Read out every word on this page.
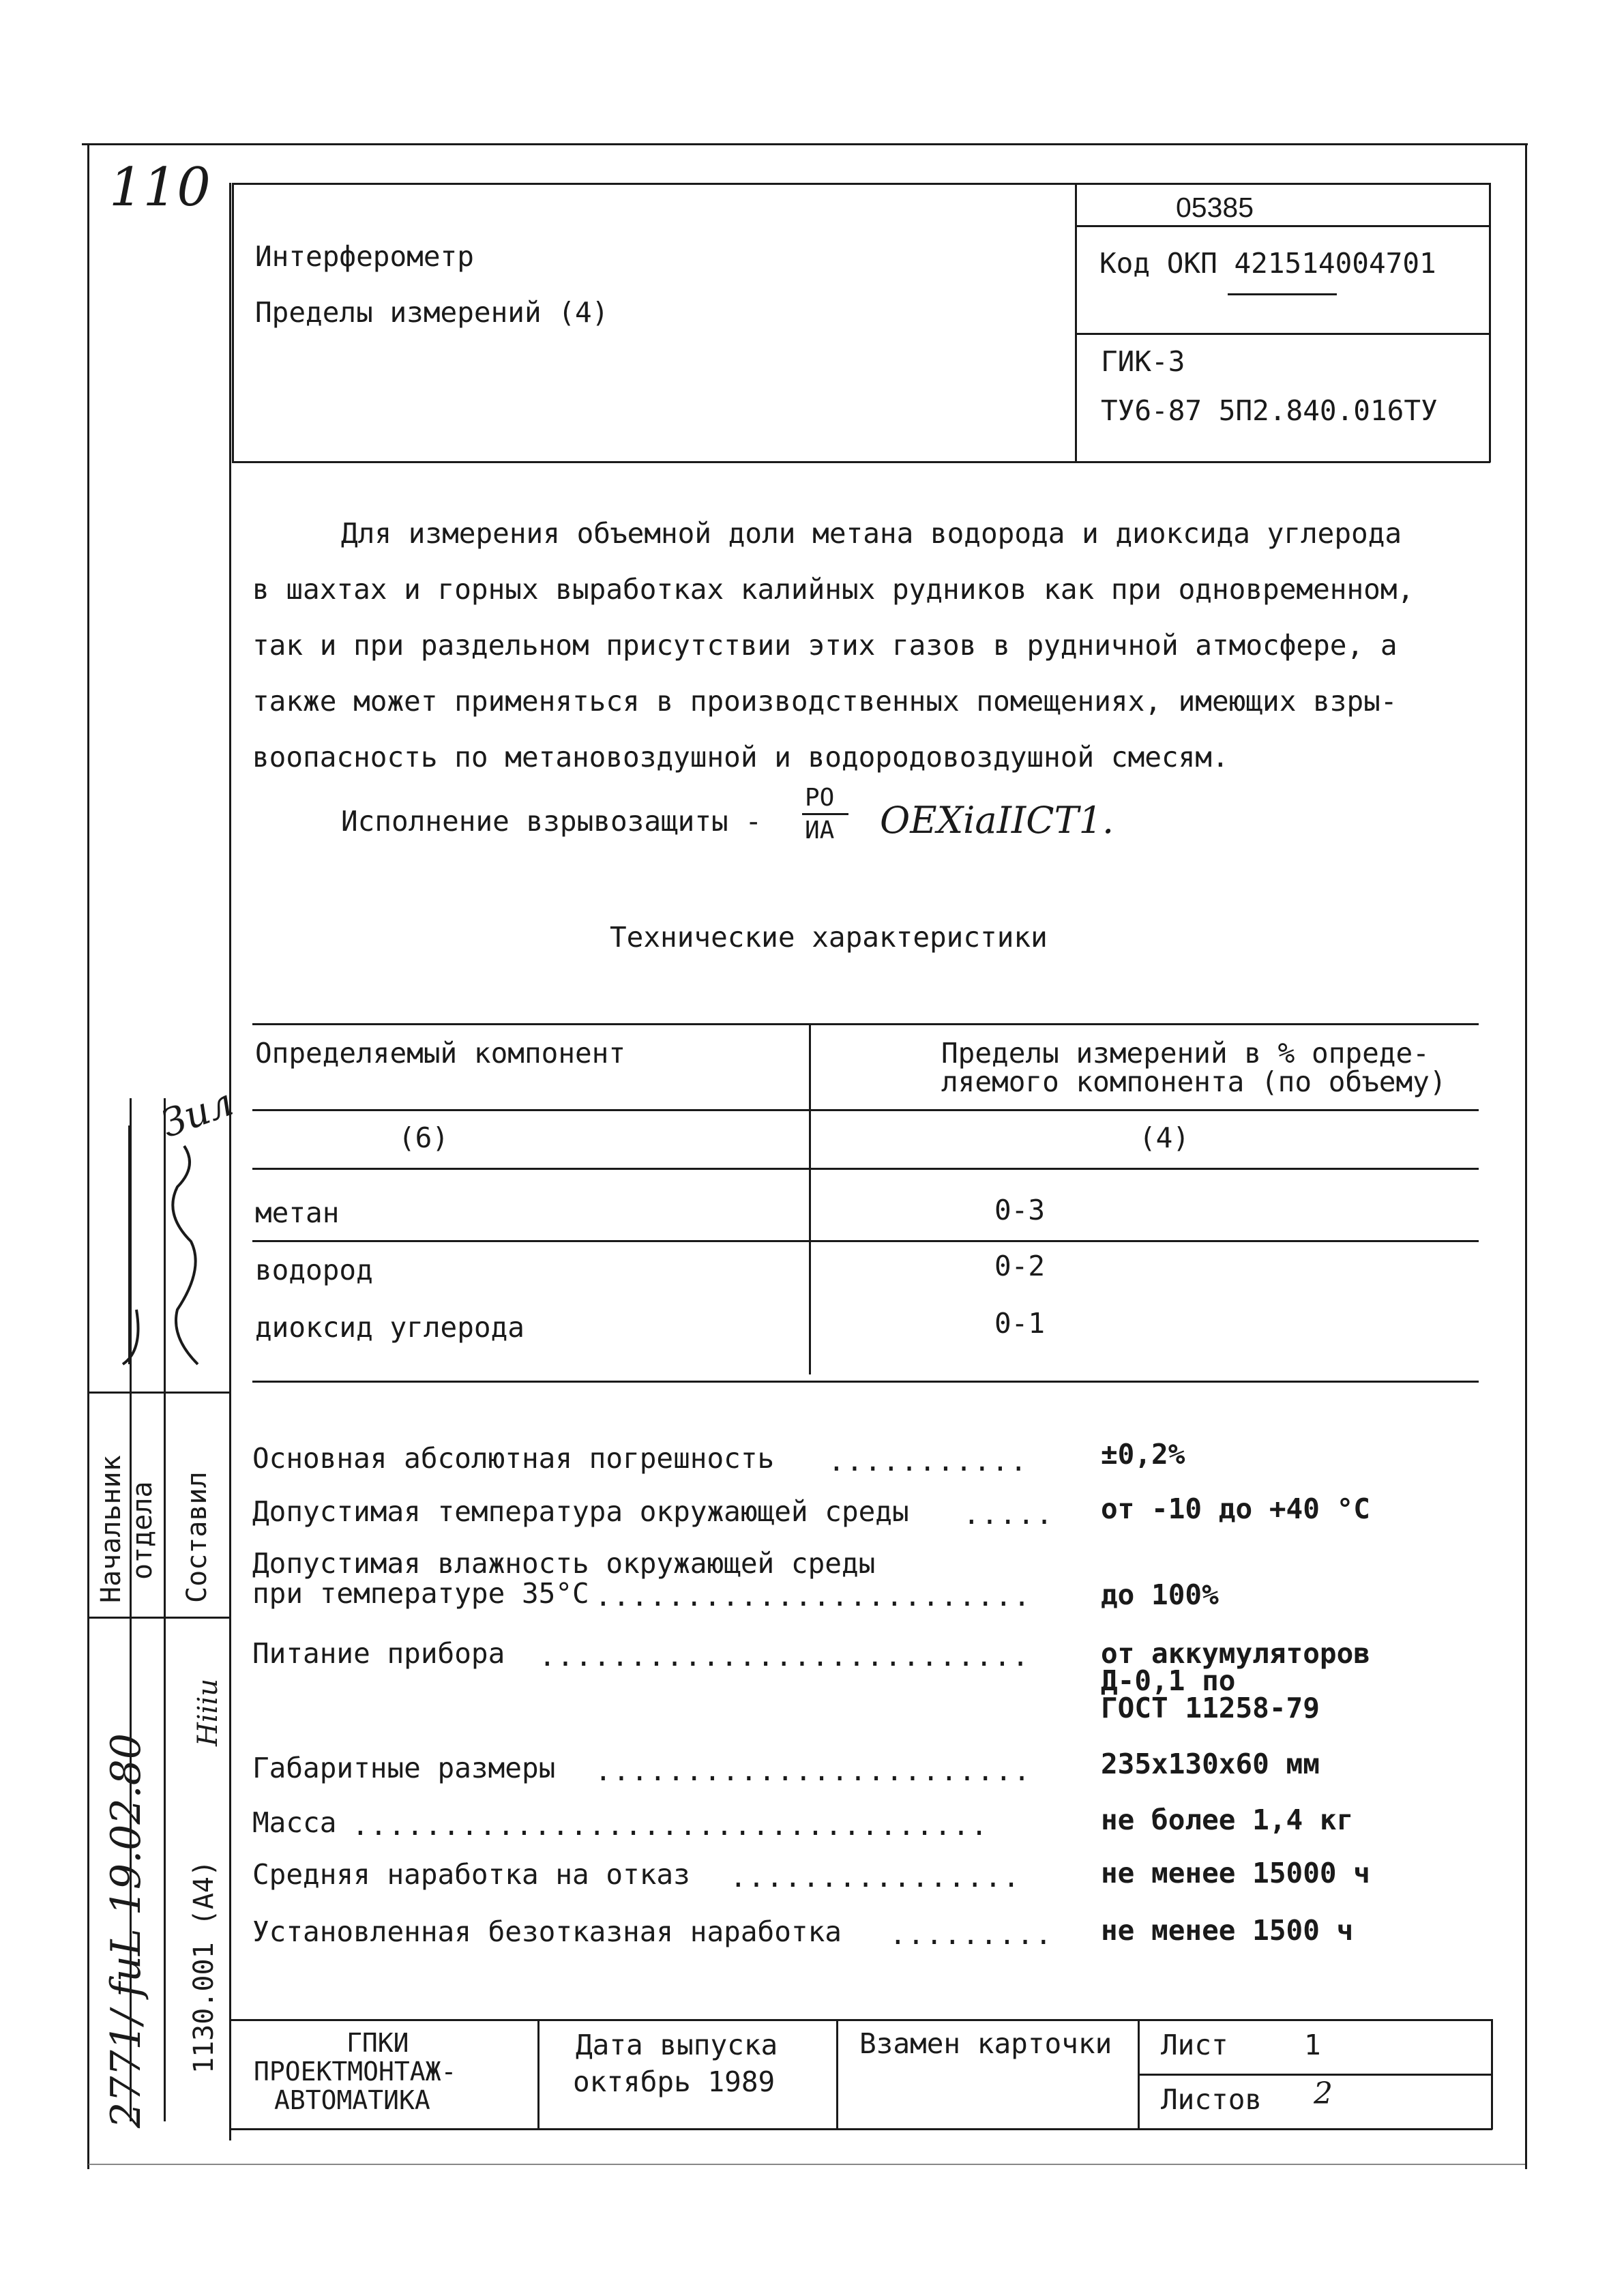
110
Интерферометр
Пределы измерений (4)
05385
Код ОКП 421514004701
ГИК-3
ТУ6-87 5П2.840.016ТУ
Для измерения объемной доли метана водорода и диоксида углерода
в шахтах и горных выработках калийных рудников как при одновременном,
так и при раздельном присутствии этих газов в рудничной атмосфере, а
также может применяться в производственных помещениях, имеющих взры-
воопасность по метановоздушной и водородовоздушной смесям.
Исполнение взрывозащиты -
РО
ИА OEXiaIICT1.
Технические характеристики
Определяемый компонент	Пределы измерений в % опреде-
ляемого компонента (по объему)
(6)	(4)
метан	0-3
водород	0-2
диоксид углерода	0-1
Основная абсолютная погрешность ...........	±0,2%
Допустимая температура окружающей среды ..... от -10 до +40 °С
Допустимая влажность окружающей среды
при температуре 35°С ........................ до 100%
Питание прибора ...........................	от аккумуляторов
Д-0,1 по
ГОСТ 11258-79
Габаритные размеры ........................ 235x130x60 мм
Масса ...................................	не более 1,4 кг
Средняя наработка на отказ ................	не менее 15000 ч
Установленная безотказная наработка ......... не менее 1500 ч
Начальник отдела Составил
1130.001 (A4)
2771/ fuL 19.02.80
Hiiiu
Зил
ГПКИ
ПРОЕКТМОНТАЖ-
АВТОМАТИКА
Дата выпуска
октябрь 1989
Взамен карточки Лист	1
Листов 2
